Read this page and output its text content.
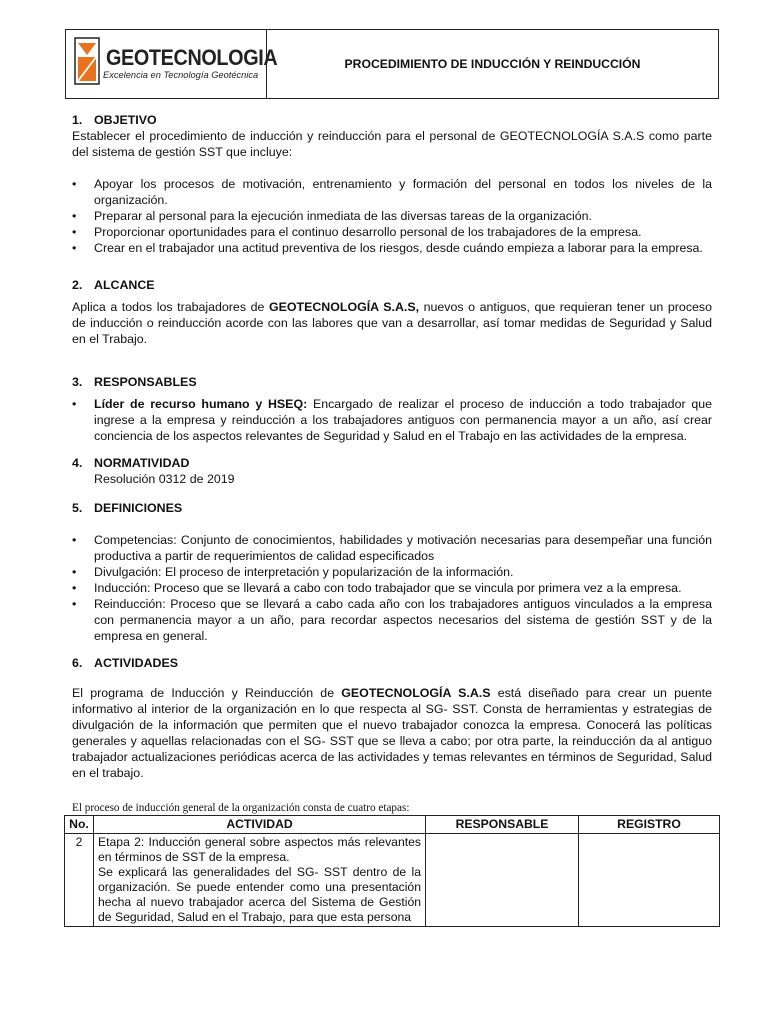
GEOTECNOLOGIA
Excelencia en Tecnología Geotécnica
PROCEDIMIENTO DE INDUCCIÓN Y REINDUCCIÓN
1. OBJETIVO

Establecer el procedimiento de inducción y reinducción para el personal de GEOTECNOLOGÍA S.A.S como parte del sistema de gestión SST que incluye:

• Apoyar los procesos de motivación, entrenamiento y formación del personal en todos los niveles de la organización.
• Preparar al personal para la ejecución inmediata de las diversas tareas de la organización.
• Proporcionar oportunidades para el continuo desarrollo personal de los trabajadores de la empresa.
• Crear en el trabajador una actitud preventiva de los riesgos, desde cuándo empieza a laborar para la empresa.
2. ALCANCE

Aplica a todos los trabajadores de GEOTECNOLOGÍA S.A.S, nuevos o antiguos, que requieran tener un proceso de inducción o reinducción acorde con las labores que van a desarrollar, así tomar medidas de Seguridad y Salud en el Trabajo.

3. RESPONSABLES
• Líder de recurso humano y HSEQ: Encargado de realizar el proceso de inducción a todo trabajador que ingrese a la empresa y reinducción a los trabajadores antiguos con permanencia mayor a un año, así crear conciencia de los aspectos relevantes de Seguridad y Salud en el Trabajo en las actividades de la empresa.
4. NORMATIVIDAD

Resolución 0312 de 2019

5. DEFINICIONES
• Competencias: Conjunto de conocimientos, habilidades y motivación necesarias para desempeñar una función productiva a partir de requerimientos de calidad especificados
• Divulgación: El proceso de interpretación y popularización de la información.
• Inducción: Proceso que se llevará a cabo con todo trabajador que se vincula por primera vez a la empresa.
• Reinducción: Proceso que se llevará a cabo cada año con los trabajadores antiguos vinculados a la empresa con permanencia mayor a un año, para recordar aspectos necesarios del sistema de gestión SST y de la empresa en general.
6. ACTIVIDADES

El programa de Inducción y Reinducción de GEOTECNOLOGÍA S.A.S está diseñado para crear un puente informativo al interior de la organización en lo que respecta al SG- SST. Consta de herramientas y estrategias de divulgación de la información que permiten que el nuevo trabajador conozca la empresa. Conocerá las políticas generales y aquellas relacionadas con el SG- SST que se lleva a cabo; por otra parte, la reinducción da al antiguo trabajador actualizaciones periódicas acerca de las actividades y temas relevantes en términos de Seguridad, Salud en el trabajo.

El proceso de inducción general de la organización consta de cuatro etapas:
No.	ACTIVIDAD	RESPONSABLE	REGISTRO
2	Etapa 2: Inducción general sobre aspectos más relevantes en términos de SST de la empresa.

Se explicará las generalidades del SG- SST dentro de la organización. Se puede entender como una presentación hecha al nuevo trabajador acerca del Sistema de Gestión de Seguridad, Salud en el Trabajo, para que esta persona		
